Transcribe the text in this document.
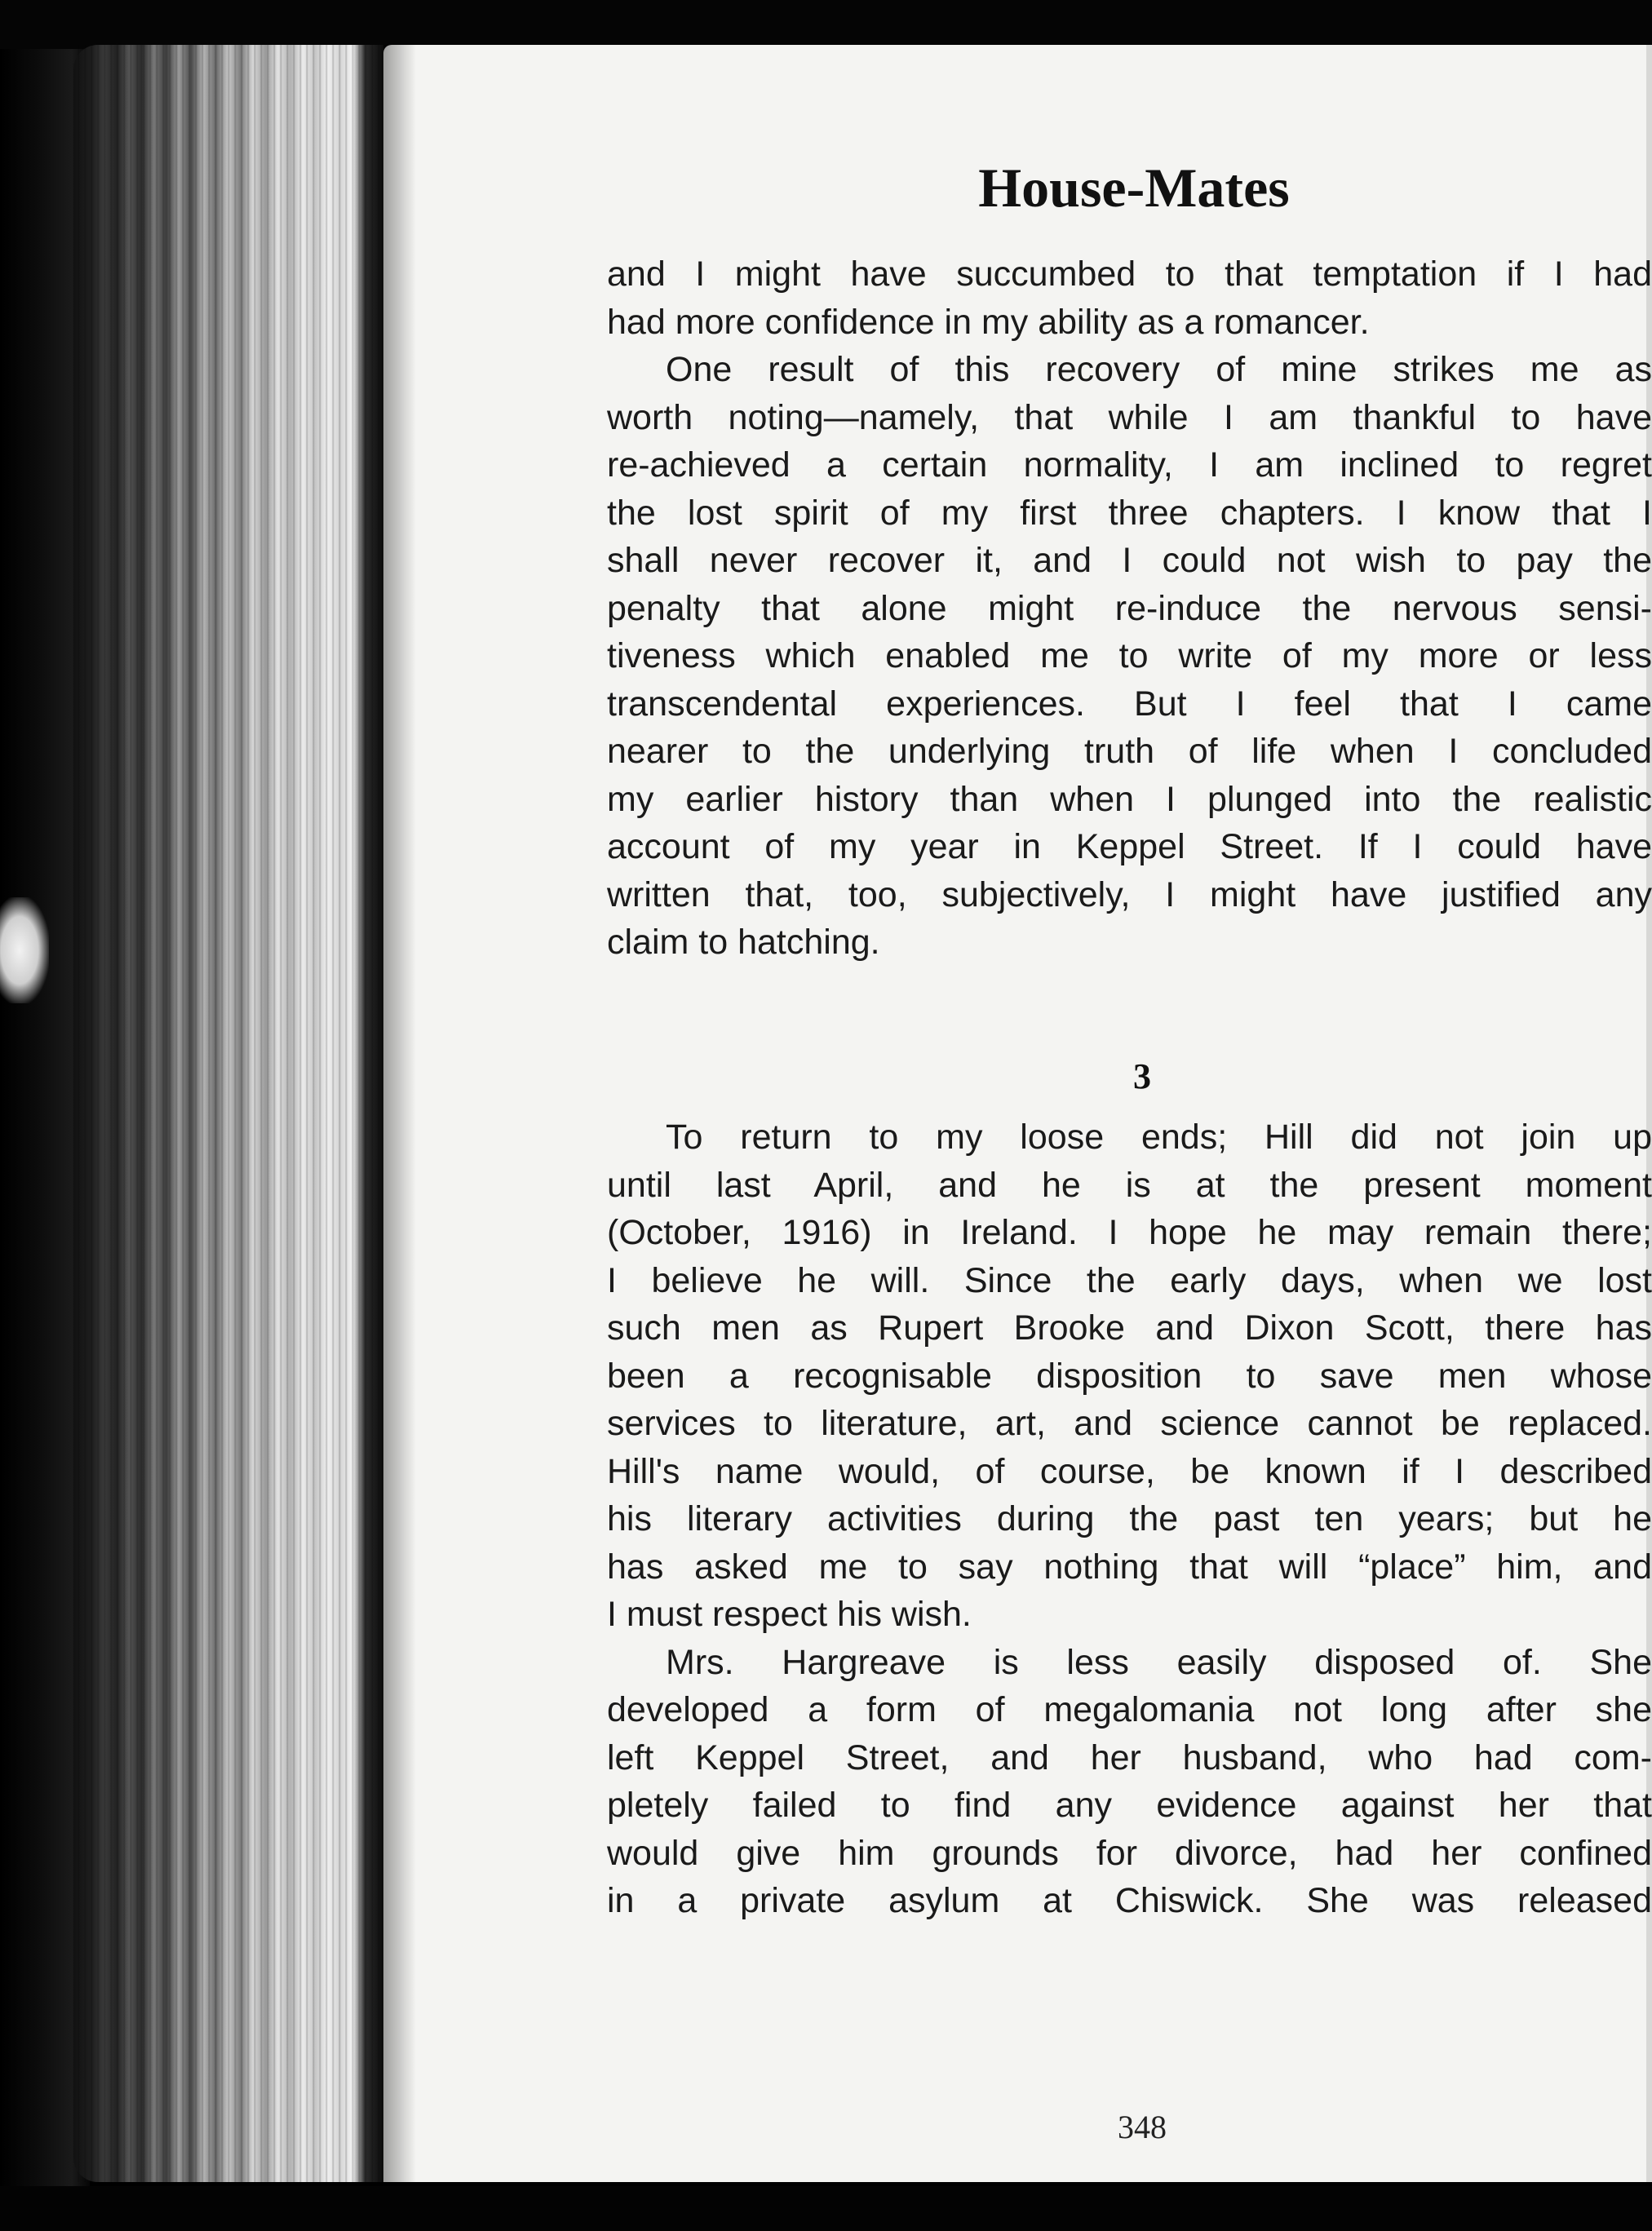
House-Mates
and I might have succumbed to that temptation if I had
had more confidence in my ability as a romancer.
One result of this recovery of mine strikes me as
worth noting—namely, that while I am thankful to have
re-achieved a certain normality, I am inclined to regret
the lost spirit of my first three chapters. I know that I
shall never recover it, and I could not wish to pay the
penalty that alone might re-induce the nervous sensi-
tiveness which enabled me to write of my more or less
transcendental experiences. But I feel that I came
nearer to the underlying truth of life when I concluded
my earlier history than when I plunged into the realistic
account of my year in Keppel Street. If I could have
written that, too, subjectively, I might have justified any
claim to hatching.
3
To return to my loose ends; Hill did not join up
until last April, and he is at the present moment
(October, 1916) in Ireland. I hope he may remain there;
I believe he will. Since the early days, when we lost
such men as Rupert Brooke and Dixon Scott, there has
been a recognisable disposition to save men whose
services to literature, art, and science cannot be replaced.
Hill's name would, of course, be known if I described
his literary activities during the past ten years; but he
has asked me to say nothing that will “place” him, and
I must respect his wish.
Mrs. Hargreave is less easily disposed of. She
developed a form of megalomania not long after she
left Keppel Street, and her husband, who had com-
pletely failed to find any evidence against her that
would give him grounds for divorce, had her confined
in a private asylum at Chiswick. She was released
348
